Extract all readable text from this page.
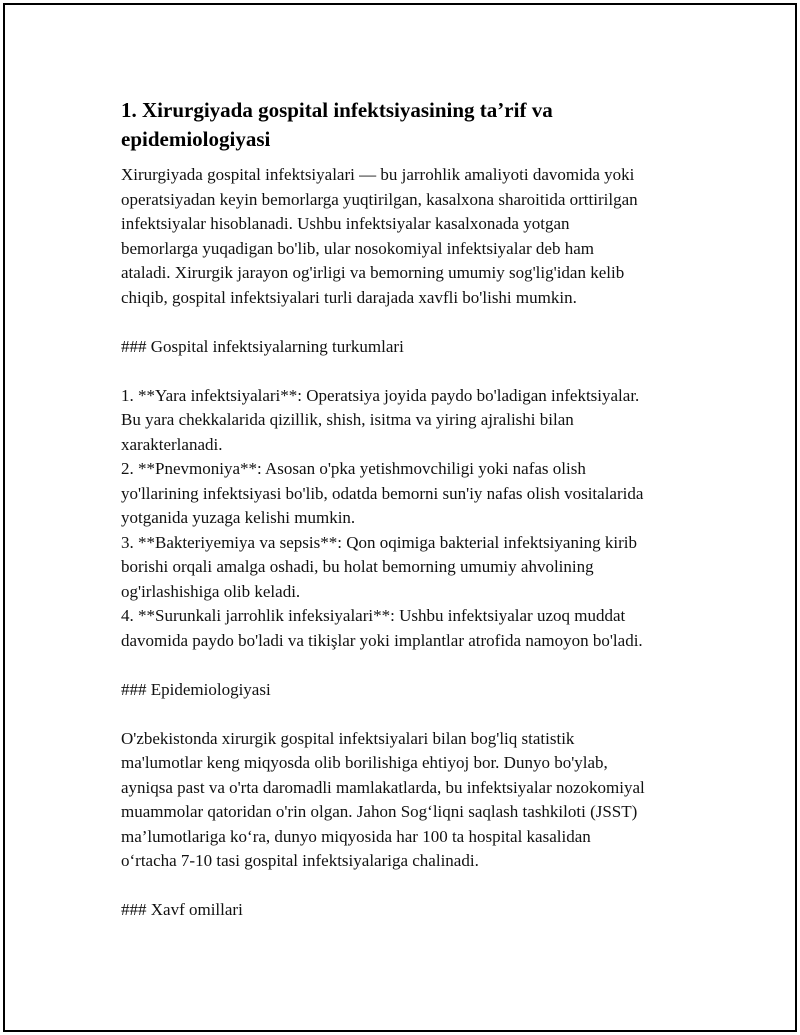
1. Xirurgiyada gospital infektsiyasining ta’rif va
epidemiologiyasi
Xirurgiyada gospital infektsiyalari — bu jarrohlik amaliyoti davomida yoki
operatsiyadan keyin bemorlarga yuqtirilgan, kasalxona sharoitida orttirilgan
infektsiyalar hisoblanadi. Ushbu infektsiyalar kasalxonada yotgan
bemorlarga yuqadigan bo'lib, ular nosokomiyal infektsiyalar deb ham
ataladi. Xirurgik jarayon og'irligi va bemorning umumiy sog'lig'idan kelib
chiqib, gospital infektsiyalari turli darajada xavfli bo'lishi mumkin.
### Gospital infektsiyalarning turkumlari
1. **Yara infektsiyalari**: Operatsiya joyida paydo bo'ladigan infektsiyalar.
Bu yara chekkalarida qizillik, shish, isitma va yiring ajralishi bilan
xarakterlanadi.
2. **Pnevmoniya**: Asosan o'pka yetishmovchiligi yoki nafas olish
yo'llarining infektsiyasi bo'lib, odatda bemorni sun'iy nafas olish vositalarida
yotganida yuzaga kelishi mumkin.
3. **Bakteriyemiya va sepsis**: Qon oqimiga bakterial infektsiyaning kirib
borishi orqali amalga oshadi, bu holat bemorning umumiy ahvolining
og'irlashishiga olib keladi.
4. **Surunkali jarrohlik infeksiyalari**: Ushbu infektsiyalar uzoq muddat
davomida paydo bo'ladi va tikişlar yoki implantlar atrofida namoyon bo'ladi.
### Epidemiologiyasi
O'zbekistonda xirurgik gospital infektsiyalari bilan bog'liq statistik
ma'lumotlar keng miqyosda olib borilishiga ehtiyoj bor. Dunyo bo'ylab,
ayniqsa past va o'rta daromadli mamlakatlarda, bu infektsiyalar nozokomiyal
muammolar qatoridan o'rin olgan. Jahon Sog‘liqni saqlash tashkiloti (JSST)
ma’lumotlariga ko‘ra, dunyo miqyosida har 100 ta hospital kasalidan
o‘rtacha 7-10 tasi gospital infektsiyalariga chalinadi.
### Xavf omillari
